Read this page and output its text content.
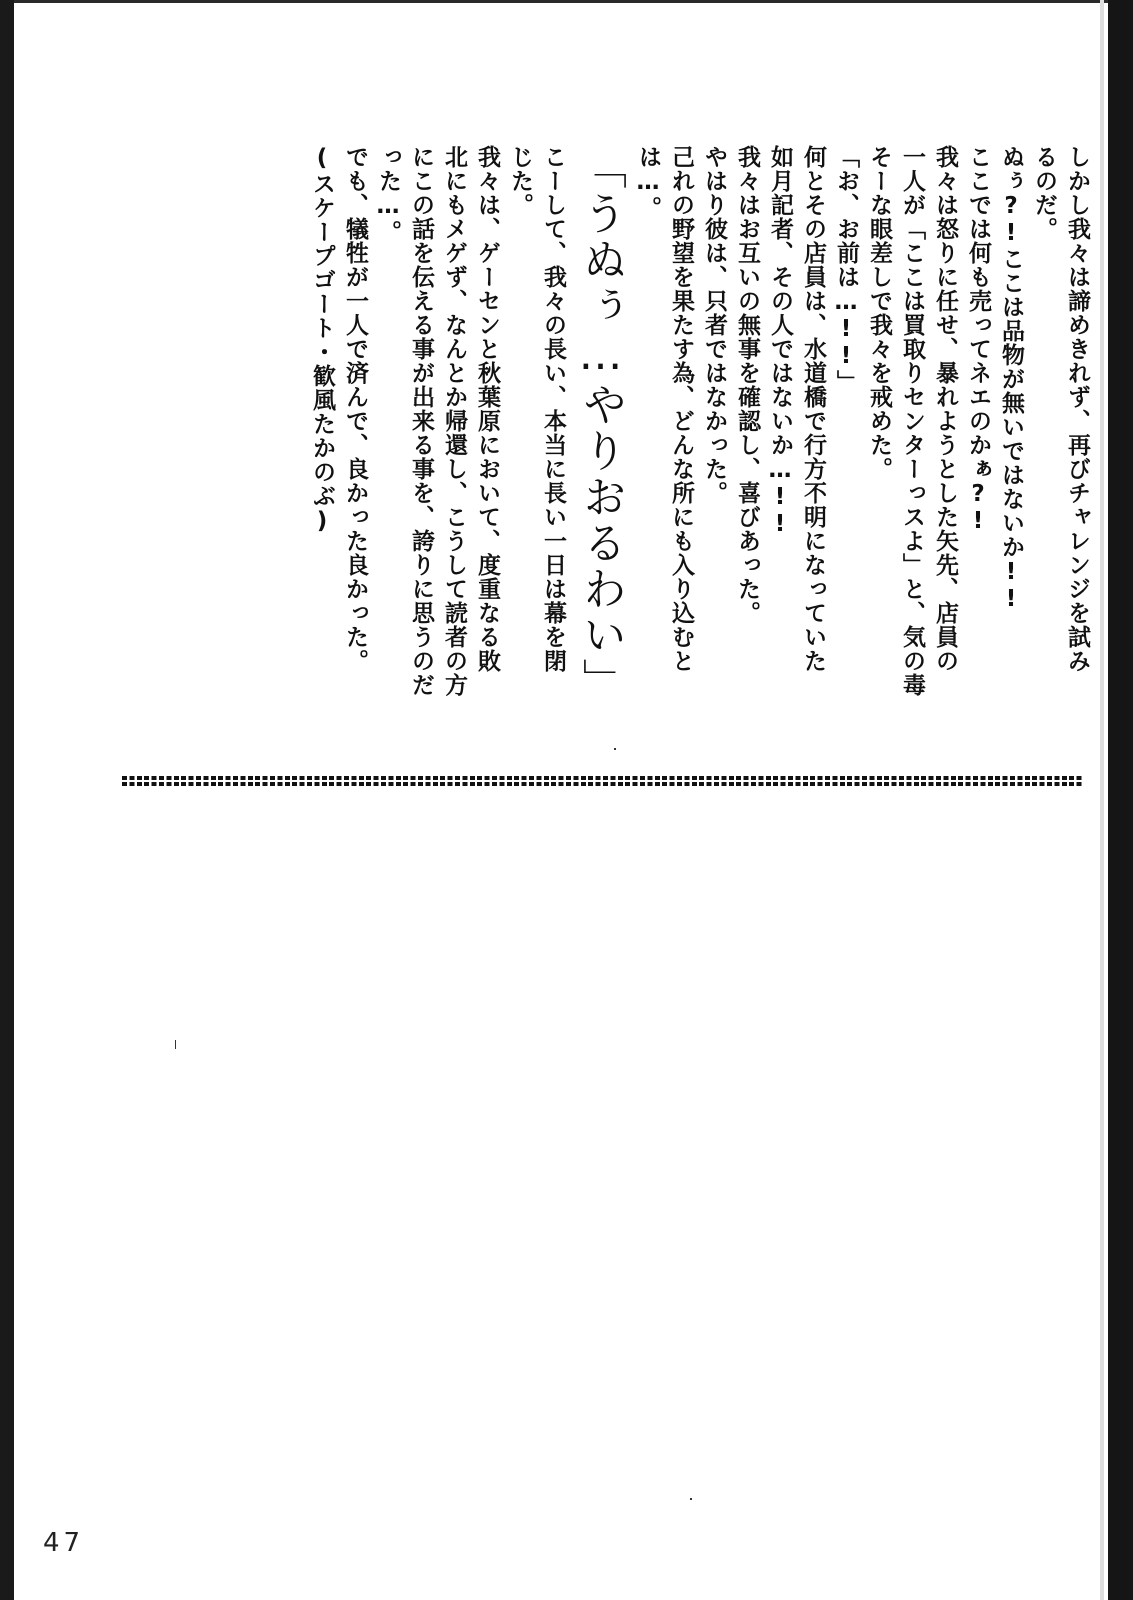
しかし我々は諦めきれず、再びチャレンジを試み
るのだ。
ぬぅ?!ここは品物が無いではないか!!
ここでは何も売ってネエのかぁ?!
我々は怒りに任せ、暴れようとした矢先、店員の
一人が「ここは買取りセンターっスよ」と、気の毒
そーな眼差しで我々を戒めた。
「お、お前は…!!」
何とその店員は、水道橋で行方不明になっていた
如月記者、その人ではないか…!!
我々はお互いの無事を確認し、喜びあった。
やはり彼は、只者ではなかった。
己れの野望を果たす為、どんな所にも入り込むと
は…。
「うぬぅ…やりおるわい」
こーして、我々の長い、本当に長い一日は幕を閉
じた。
我々は、ゲーセンと秋葉原において、度重なる敗
北にもメゲず、なんとか帰還し、こうして読者の方
にこの話を伝える事が出来る事を、誇りに思うのだ
った…。
でも、犠牲が一人で済んで、良かった良かった。
(スケープゴート・歓風たかのぶ)
47
